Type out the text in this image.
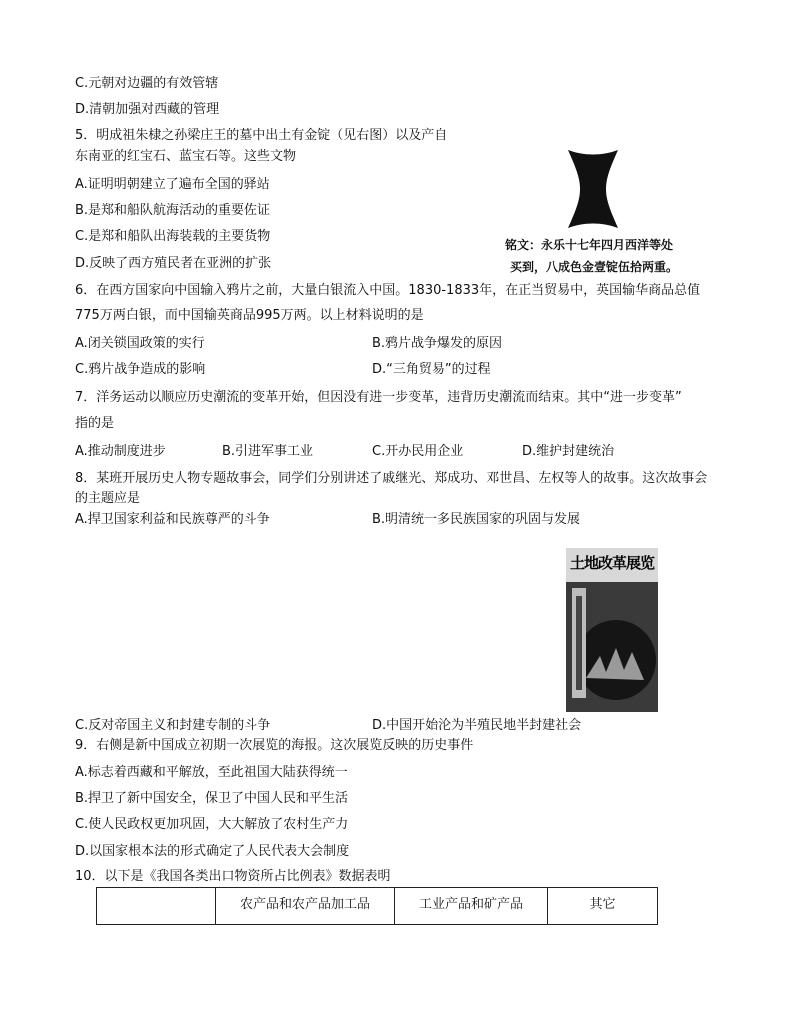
C.元朝对边疆的有效管辖
D.清朝加强对西藏的管理
5．明成祖朱棣之孙梁庄王的墓中出土有金锭（见右图）以及产自
东南亚的红宝石、蓝宝石等。这些文物
A.证明明朝建立了遍布全国的驿站
B.是郑和船队航海活动的重要佐证
C.是郑和船队出海装载的主要货物
D.反映了西方殖民者在亚洲的扩张
铭文：永乐十七年四月西洋等处
买到，八成色金壹锭伍拾两重。
6．在西方国家向中国输入鸦片之前，大量白银流入中国。1830-1833年，在正当贸易中，英国输华商品总值
775万两白银，而中国输英商品995万两。以上材料说明的是
A.闭关锁国政策的实行	B.鸦片战争爆发的原因
C.鸦片战争造成的影响	D.“三角贸易”的过程
7．洋务运动以顺应历史潮流的变革开始，但因没有进一步变革，违背历史潮流而结束。其中“进一步变革”
指的是
A.推动制度进步	B.引进军事工业	C.开办民用企业	D.维护封建统治
8．某班开展历史人物专题故事会，同学们分别讲述了戚继光、郑成功、邓世昌、左权等人的故事。这次故事会
的主题应是
A.捍卫国家利益和民族尊严的斗争	B.明清统一多民族国家的巩固与发展
土地改革展览
C.反对帝国主义和封建专制的斗争	D.中国开始沦为半殖民地半封建社会
9．右侧是新中国成立初期一次展览的海报。这次展览反映的历史事件
A.标志着西藏和平解放，至此祖国大陆获得统一
B.捍卫了新中国安全，保卫了中国人民和平生活
C.使人民政权更加巩固，大大解放了农村生产力
D.以国家根本法的形式确定了人民代表大会制度
10．以下是《我国各类出口物资所占比例表》数据表明
	农产品和农产品加工品	工业产品和矿产品	其它
